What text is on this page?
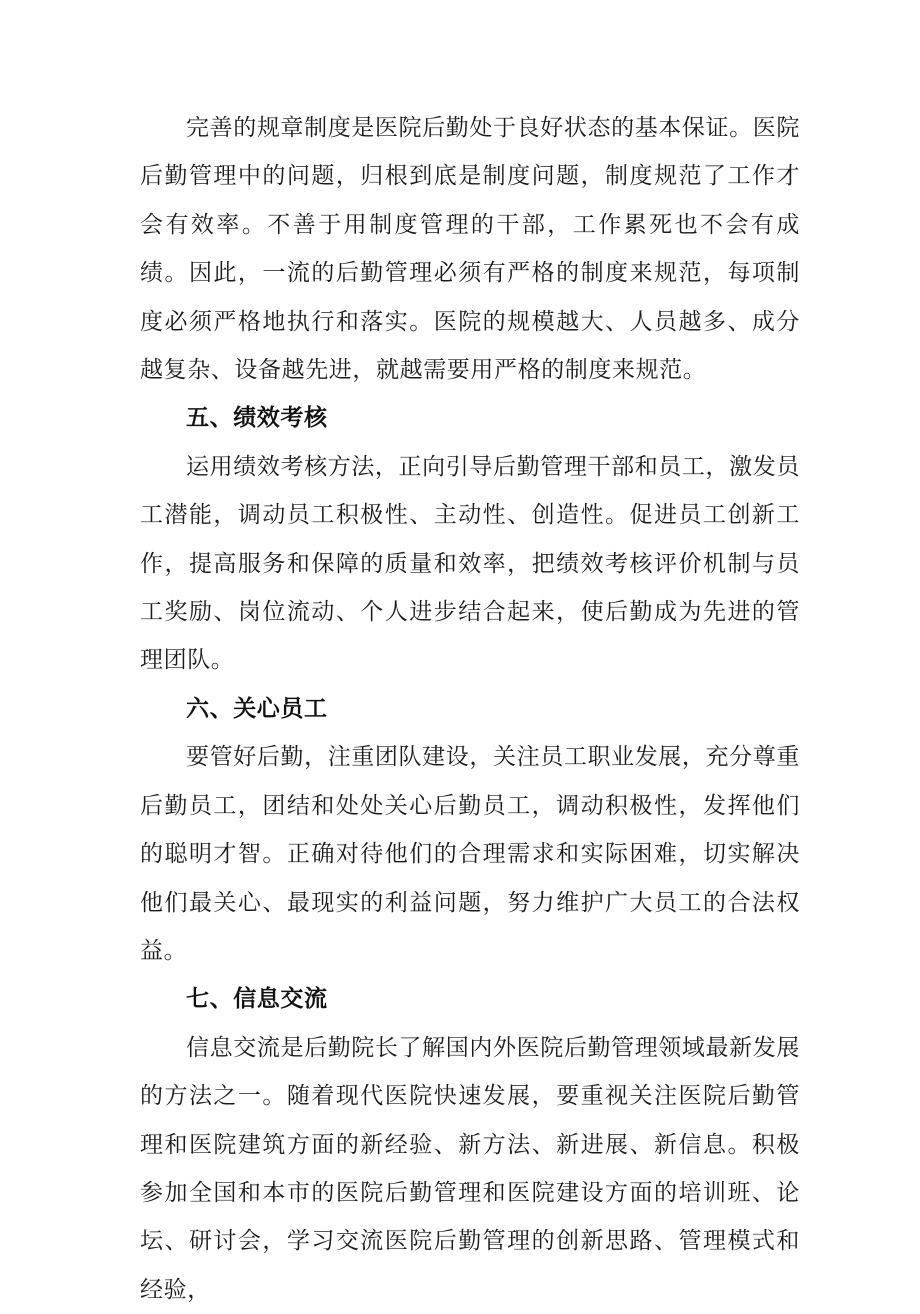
完善的规章制度是医院后勤处于良好状态的基本保证。医院后勤管理中的问题，归根到底是制度问题，制度规范了工作才会有效率。不善于用制度管理的干部，工作累死也不会有成绩。因此，一流的后勤管理必须有严格的制度来规范，每项制度必须严格地执行和落实。医院的规模越大、人员越多、成分越复杂、设备越先进，就越需要用严格的制度来规范。

五、绩效考核

运用绩效考核方法，正向引导后勤管理干部和员工，激发员工潜能，调动员工积极性、主动性、创造性。促进员工创新工作，提高服务和保障的质量和效率，把绩效考核评价机制与员工奖励、岗位流动、个人进步结合起来，使后勤成为先进的管理团队。

六、关心员工

要管好后勤，注重团队建设，关注员工职业发展，充分尊重后勤员工，团结和处处关心后勤员工，调动积极性，发挥他们的聪明才智。正确对待他们的合理需求和实际困难，切实解决他们最关心、最现实的利益问题，努力维护广大员工的合法权益。

七、信息交流

信息交流是后勤院长了解国内外医院后勤管理领域最新发展的方法之一。随着现代医院快速发展，要重视关注医院后勤管理和医院建筑方面的新经验、新方法、新进展、新信息。积极参加全国和本市的医院后勤管理和医院建设方面的培训班、论坛、研讨会，学习交流医院后勤管理的创新思路、管理模式和经验，
